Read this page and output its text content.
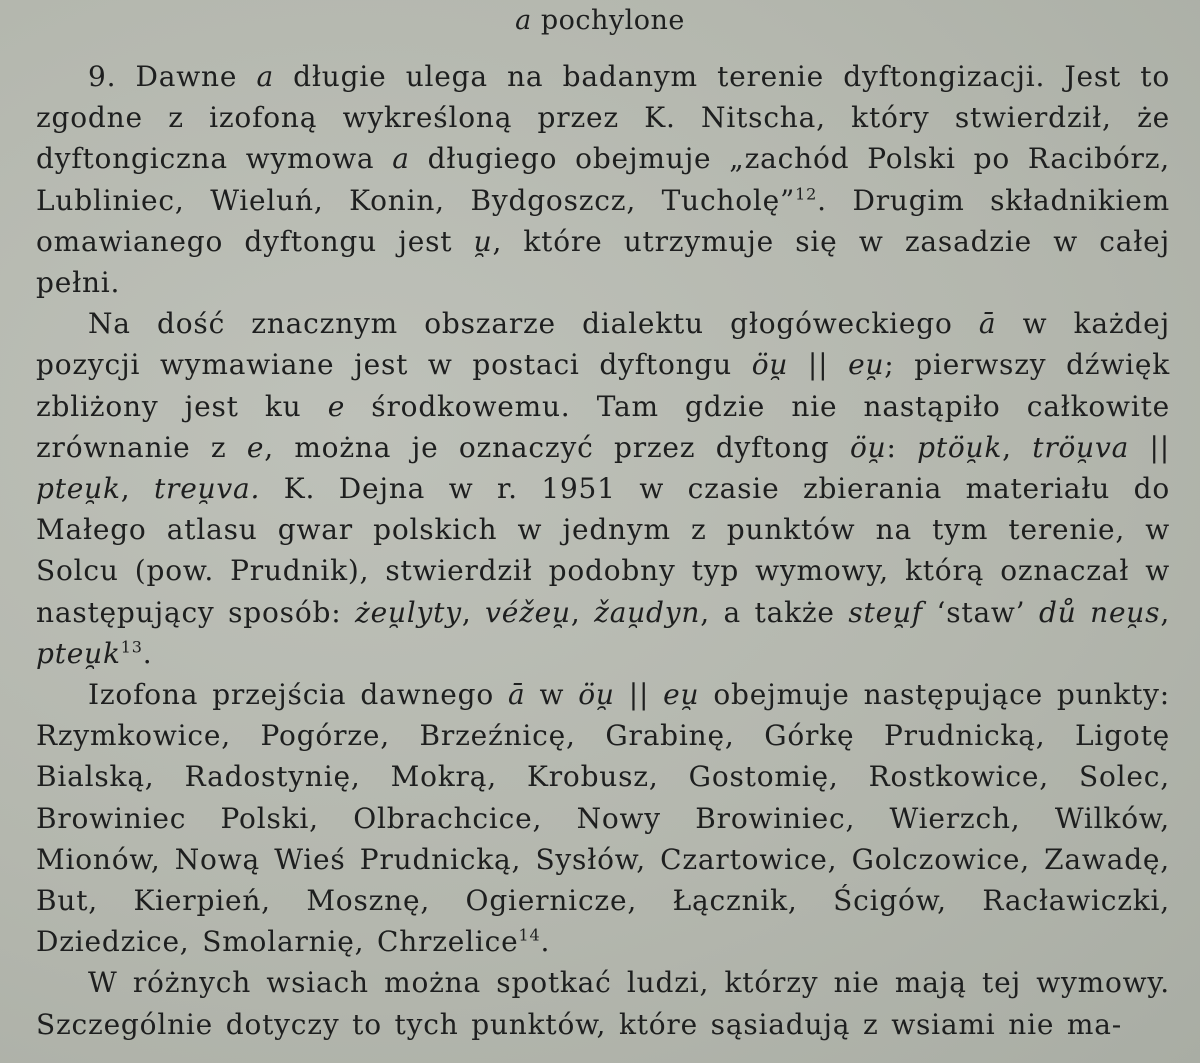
a pochylone

9. Dawne a długie ulega na badanym terenie dyftongizacji. Jest to zgodne z izofoną wykreśloną przez K. Nitscha, który stwierdził, że dyftongiczna wymowa a długiego obejmuje „zachód Polski po Racibórz, Lubliniec, Wieluń, Konin, Bydgoszcz, Tucholę”$^{12}$. Drugim składnikiem omawianego dyftongu jest u̯, które utrzymuje się w zasadzie w całej pełni.

Na dość znacznym obszarze dialektu głogóweckiego ā w każdej pozycji wymawiane jest w postaci dyftongu öu̯ || eu̯; pierwszy dźwięk zbliżony jest ku e środkowemu. Tam gdzie nie nastąpiło całkowite zrównanie z e, można je oznaczyć przez dyftong öu̯: ptöu̯k, tröu̯va || pteu̯k, treu̯va. K. Dejna w r. 1951 w czasie zbierania materiału do Małego atlasu gwar polskich w jednym z punktów na tym terenie, w Solcu (pow. Prudnik), stwierdził podobny typ wymowy, którą oznaczał w następujący sposób: żeu̯lyty, véžeu̯, žau̯dyn, a także steu̯f ‘staw’ dů neu̯s, $pteu̯k^{13}$.

Izofona przejścia dawnego ā w öu̯ || eu̯ obejmuje następujące punkty: Rzymkowice, Pogórze, Brzeźnicę, Grabinę, Górkę Prudnicką, Ligotę Bialską, Radostynię, Mokrą, Krobusz, Gostomię, Rostkowice, Solec, Browiniec Polski, Olbrachcice, Nowy Browiniec, Wierzch, Wilków, Mionów, Nową Wieś Prudnicką, Sysłów, Czartowice, Golczowice, Zawadę, But, Kierpień, Mosznę, Ogiernicze, Łącznik, Ścigów, Racławiczki, Dziedzice, Smolarnię, Chrzelice$^{14}$.

W różnych wsiach można spotkać ludzi, którzy nie mają tej wymowy. Szczególnie dotyczy to tych punktów, które sąsiadują z wsiami nie ma-
